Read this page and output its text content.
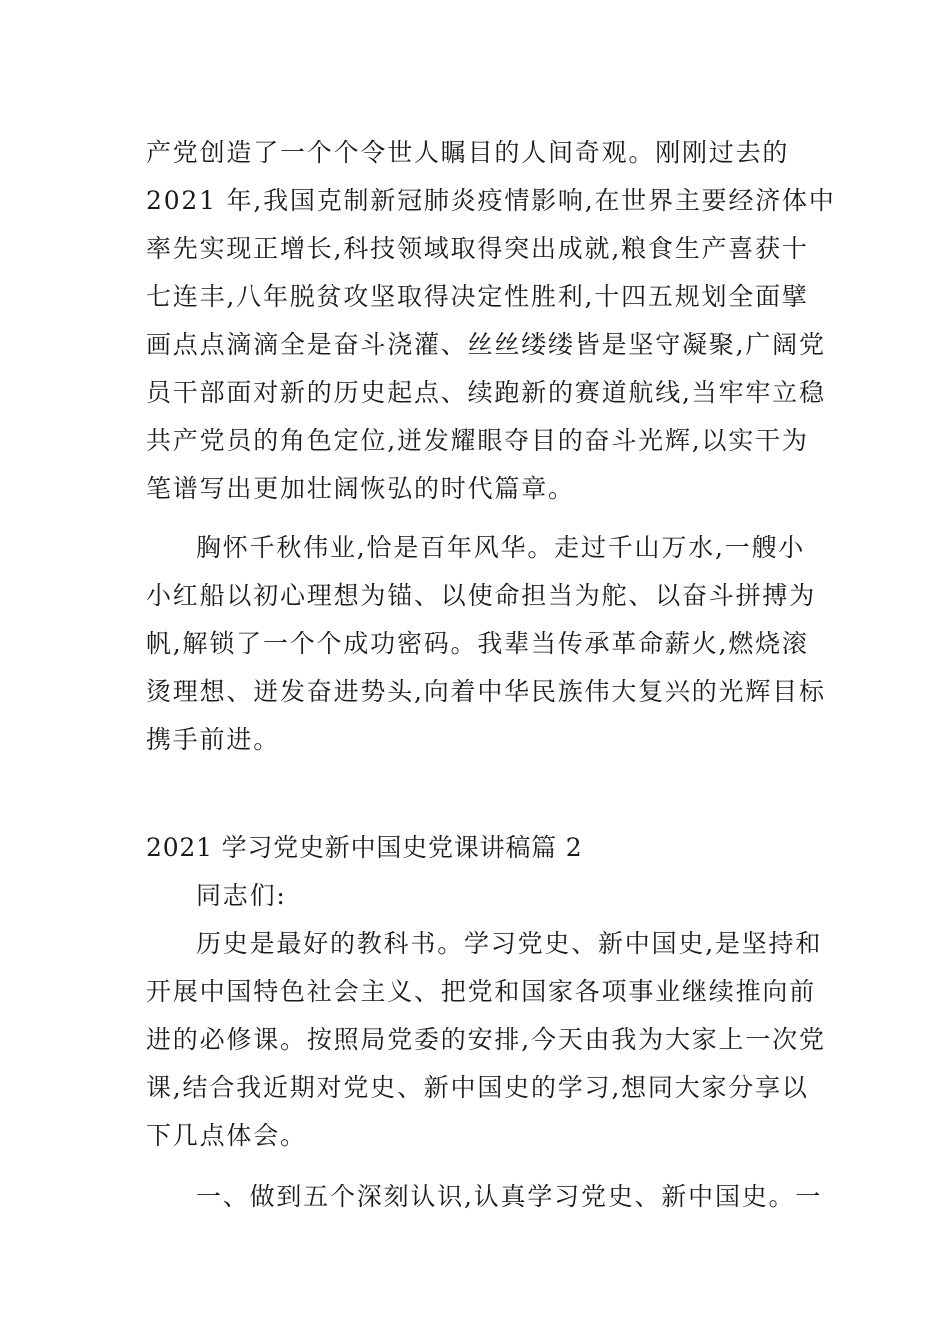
产党创造了一个个令世人瞩目的人间奇观。刚刚过去的
2021 年,我国克制新冠肺炎疫情影响,在世界主要经济体中
率先实现正增长,科技领域取得突出成就,粮食生产喜获十
七连丰,八年脱贫攻坚取得决定性胜利,十四五规划全面擘
画点点滴滴全是奋斗浇灌、丝丝缕缕皆是坚守凝聚,广阔党
员干部面对新的历史起点、续跑新的赛道航线,当牢牢立稳
共产党员的角色定位,迸发耀眼夺目的奋斗光辉,以实干为
笔谱写出更加壮阔恢弘的时代篇章。
胸怀千秋伟业,恰是百年风华。走过千山万水,一艘小
小红船以初心理想为锚、以使命担当为舵、以奋斗拼搏为
帆,解锁了一个个成功密码。我辈当传承革命薪火,燃烧滚
烫理想、迸发奋进势头,向着中华民族伟大复兴的光辉目标
携手前进。
2021 学习党史新中国史党课讲稿篇 2
同志们:
历史是最好的教科书。学习党史、新中国史,是坚持和
开展中国特色社会主义、把党和国家各项事业继续推向前
进的必修课。按照局党委的安排,今天由我为大家上一次党
课,结合我近期对党史、新中国史的学习,想同大家分享以
下几点体会。
一、做到五个深刻认识,认真学习党史、新中国史。一
